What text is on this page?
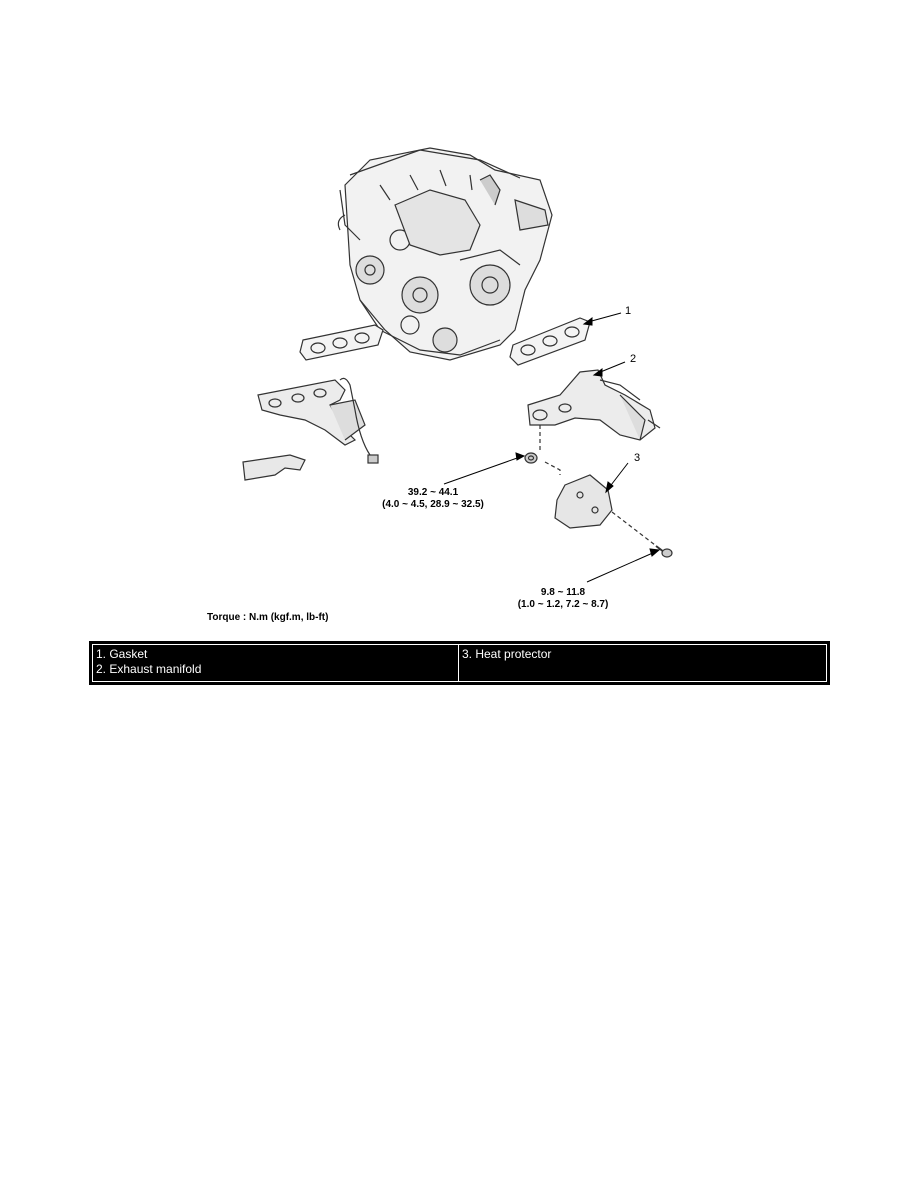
1
2
3
39.2 ~ 44.1
(4.0 ~ 4.5, 28.9 ~ 32.5)
9.8 ~ 11.8
(1.0 ~ 1.2, 7.2 ~ 8.7)
Torque : N.m (kgf.m, lb-ft)
1. Gasket
2. Exhaust manifold
3. Heat protector
